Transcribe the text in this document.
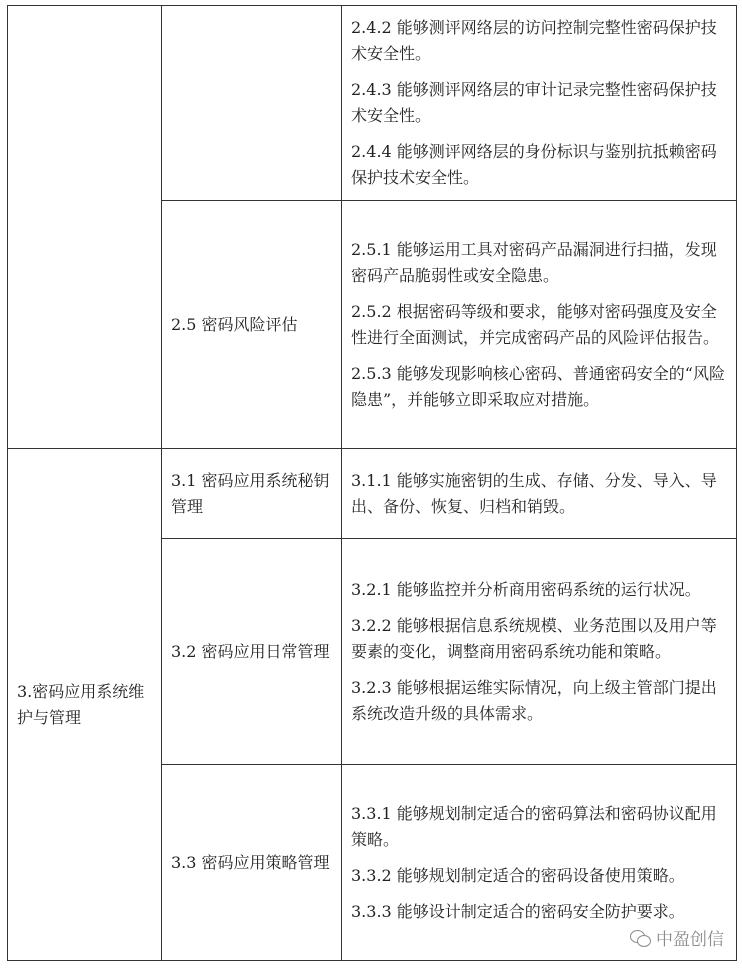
		2.4.2 能够测评网络层的访问控制完整性密码保护技术安全性。

2.4.3 能够测评网络层的审计记录完整性密码保护技术安全性。

2.4.4 能够测评网络层的身份标识与鉴别抗抵赖密码保护技术安全性。

	2.5 密码风险评估	2.5.1 能够运用工具对密码产品漏洞进行扫描，发现密码产品脆弱性或安全隐患。

2.5.2 根据密码等级和要求，能够对密码强度及安全性进行全面测试，并完成密码产品的风险评估报告。

2.5.3 能够发现影响核心密码、普通密码安全的“风险隐患”，并能够立即采取应对措施。

3.密码应用系统维护与管理	3.1 密码应用系统秘钥管理	3.1.1 能够实施密钥的生成、存储、分发、导入、导出、备份、恢复、归档和销毁。

	3.2 密码应用日常管理	3.2.1 能够监控并分析商用密码系统的运行状况。

3.2.2 能够根据信息系统规模、业务范围以及用户等要素的变化，调整商用密码系统功能和策略。

3.2.3 能够根据运维实际情况，向上级主管部门提出系统改造升级的具体需求。

	3.3 密码应用策略管理	3.3.1 能够规划制定适合的密码算法和密码协议配用策略。

3.3.2 能够规划制定适合的密码设备使用策略。

3.3.3 能够设计制定适合的密码安全防护要求。

中盈创信
